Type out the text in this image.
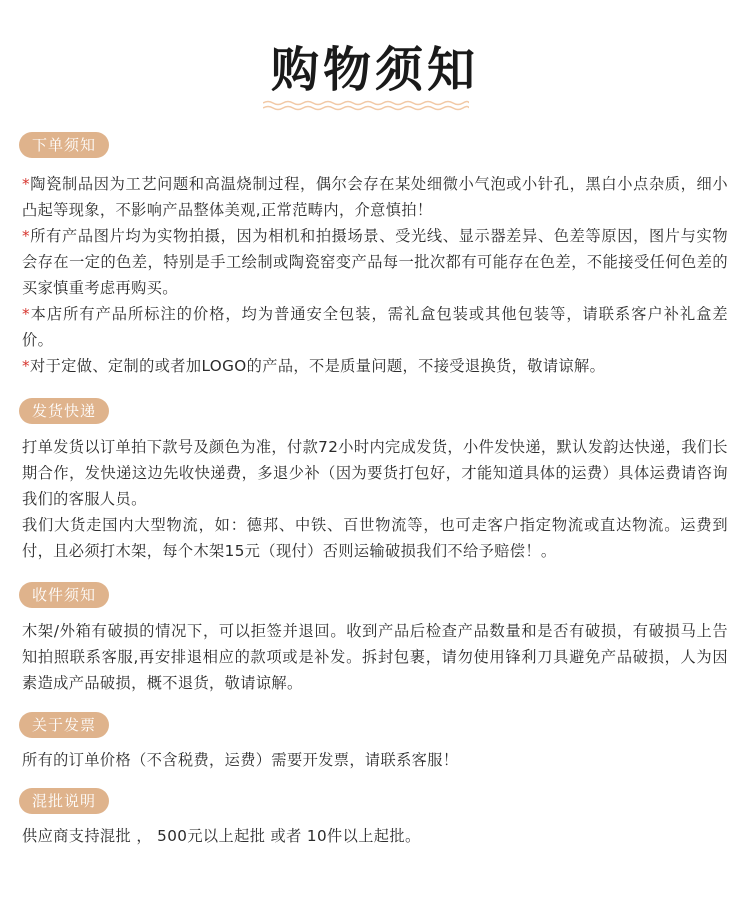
购物须知
下单须知

*陶瓷制品因为工艺问题和高温烧制过程，偶尔会存在某处细微小气泡或小针孔，黑白小点杂质，细小凸起等现象，不影响产品整体美观,正常范畴内，介意慎拍！

*所有产品图片均为实物拍摄，因为相机和拍摄场景、受光线、显示器差异、色差等原因，图片与实物会存在一定的色差，特别是手工绘制或陶瓷窑变产品每一批次都有可能存在色差，不能接受任何色差的买家慎重考虑再购买。

*本店所有产品所标注的价格，均为普通安全包装，需礼盒包装或其他包装等，请联系客户补礼盒差价。

*对于定做、定制的或者加LOGO的产品，不是质量问题，不接受退换货，敬请谅解。

发货快递

打单发货以订单拍下款号及颜色为准，付款72小时内完成发货，小件发快递，默认发韵达快递，我们长期合作，发快递这边先收快递费，多退少补（因为要货打包好，才能知道具体的运费）具体运费请咨询我们的客服人员。

我们大货走国内大型物流，如：德邦、中铁、百世物流等，也可走客户指定物流或直达物流。运费到付，且必须打木架，每个木架15元（现付）否则运输破损我们不给予赔偿！。

收件须知

木架/外箱有破损的情况下，可以拒签并退回。收到产品后检查产品数量和是否有破损，有破损马上告知拍照联系客服,再安排退相应的款项或是补发。拆封包裹，请勿使用锋利刀具避免产品破损，人为因素造成产品破损，概不退货，敬请谅解。

关于发票

所有的订单价格（不含税费，运费）需要开发票，请联系客服！

混批说明

供应商支持混批 ， 500元以上起批 或者 10件以上起批。
